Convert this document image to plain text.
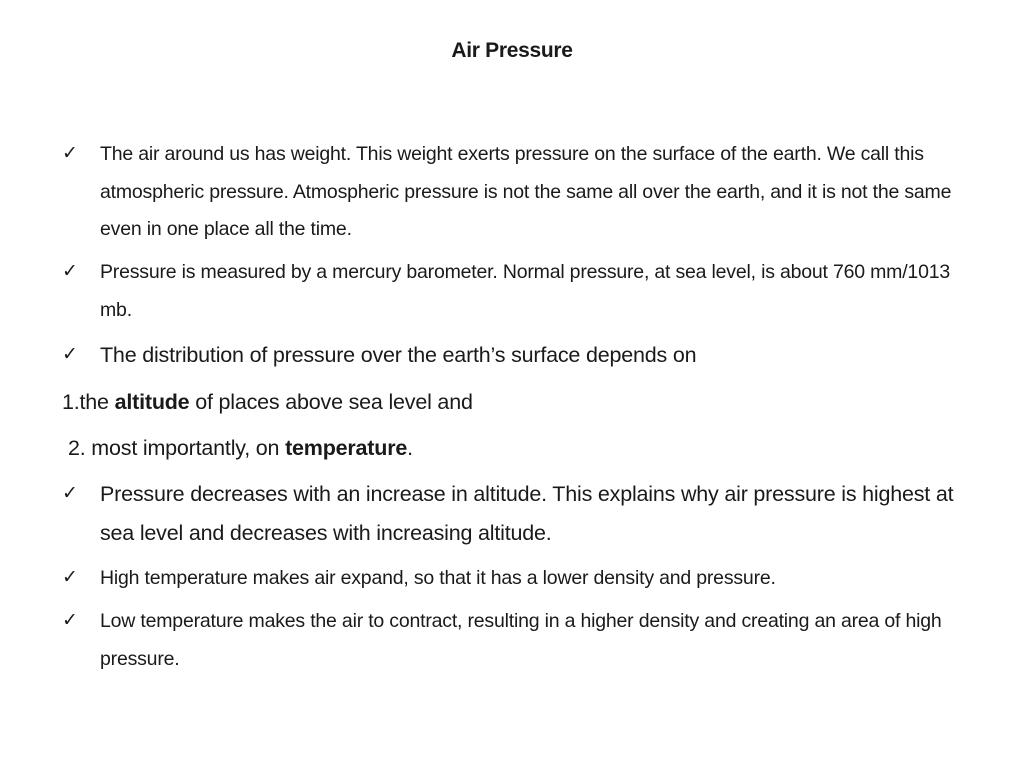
Air Pressure
✓	The air around us has weight. This weight exerts pressure on the surface of the earth. We call this atmospheric pressure. Atmospheric pressure is not the same all over the earth, and it is not the same even in one place all the time.
✓	Pressure is measured by a mercury barometer. Normal pressure, at sea level, is about 760 mm/1013 mb.
✓	The distribution of pressure over the earth’s surface depends on
1.the altitude of places above sea level and
2. most importantly, on temperature.
✓	Pressure decreases with an increase in altitude. This explains why air pressure is highest at sea level and decreases with increasing altitude.
✓	High temperature makes air expand, so that it has a lower density and pressure.
✓	Low temperature makes the air to contract, resulting in a higher density and creating an area of high pressure.
